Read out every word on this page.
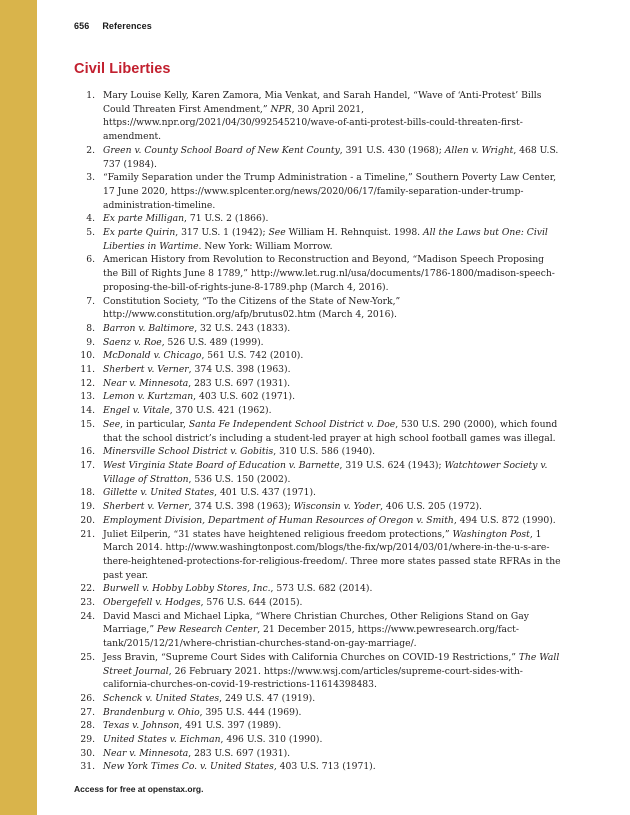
656 References
Civil Liberties
1. Mary Louise Kelly, Karen Zamora, Mia Venkat, and Sarah Handel, “Wave of ‘Anti-Protest’ Bills Could Threaten First Amendment,” NPR, 30 April 2021, https://www.npr.org/2021/04/30/992545210/wave-of-anti-protest-bills-could-threaten-first-amendment.
2. Green v. County School Board of New Kent County, 391 U.S. 430 (1968); Allen v. Wright, 468 U.S. 737 (1984).
3. “Family Separation under the Trump Administration - a Timeline,” Southern Poverty Law Center, 17 June 2020, https://www.splcenter.org/news/2020/06/17/family-separation-under-trump-administration-timeline.
4. Ex parte Milligan, 71 U.S. 2 (1866).
5. Ex parte Quirin, 317 U.S. 1 (1942); See William H. Rehnquist. 1998. All the Laws but One: Civil Liberties in Wartime. New York: William Morrow.
6. American History from Revolution to Reconstruction and Beyond, “Madison Speech Proposing the Bill of Rights June 8 1789,” http://www.let.rug.nl/usa/documents/1786-1800/madison-speech-proposing-the-bill-of-rights-june-8-1789.php (March 4, 2016).
7. Constitution Society, “To the Citizens of the State of New-York,” http://www.constitution.org/afp/brutus02.htm (March 4, 2016).
8. Barron v. Baltimore, 32 U.S. 243 (1833).
9. Saenz v. Roe, 526 U.S. 489 (1999).
10. McDonald v. Chicago, 561 U.S. 742 (2010).
11. Sherbert v. Verner, 374 U.S. 398 (1963).
12. Near v. Minnesota, 283 U.S. 697 (1931).
13. Lemon v. Kurtzman, 403 U.S. 602 (1971).
14. Engel v. Vitale, 370 U.S. 421 (1962).
15. See, in particular, Santa Fe Independent School District v. Doe, 530 U.S. 290 (2000), which found that the school district’s including a student-led prayer at high school football games was illegal.
16. Minersville School District v. Gobitis, 310 U.S. 586 (1940).
17. West Virginia State Board of Education v. Barnette, 319 U.S. 624 (1943); Watchtower Society v. Village of Stratton, 536 U.S. 150 (2002).
18. Gillette v. United States, 401 U.S. 437 (1971).
19. Sherbert v. Verner, 374 U.S. 398 (1963); Wisconsin v. Yoder, 406 U.S. 205 (1972).
20. Employment Division, Department of Human Resources of Oregon v. Smith, 494 U.S. 872 (1990).
21. Juliet Eilperin, “31 states have heightened religious freedom protections,” Washington Post, 1 March 2014. http://www.washingtonpost.com/blogs/the-fix/wp/2014/03/01/where-in-the-u-s-are-there-heightened-protections-for-religious-freedom/. Three more states passed state RFRAs in the past year.
22. Burwell v. Hobby Lobby Stores, Inc., 573 U.S. 682 (2014).
23. Obergefell v. Hodges, 576 U.S. 644 (2015).
24. David Masci and Michael Lipka, “Where Christian Churches, Other Religions Stand on Gay Marriage,” Pew Research Center, 21 December 2015, https://www.pewresearch.org/fact-tank/2015/12/21/where-christian-churches-stand-on-gay-marriage/.
25. Jess Bravin, “Supreme Court Sides with California Churches on COVID-19 Restrictions,” The Wall Street Journal, 26 February 2021. https://www.wsj.com/articles/supreme-court-sides-with-california-churches-on-covid-19-restrictions-11614398483.
26. Schenck v. United States, 249 U.S. 47 (1919).
27. Brandenburg v. Ohio, 395 U.S. 444 (1969).
28. Texas v. Johnson, 491 U.S. 397 (1989).
29. United States v. Eichman, 496 U.S. 310 (1990).
30. Near v. Minnesota, 283 U.S. 697 (1931).
31. New York Times Co. v. United States, 403 U.S. 713 (1971).
Access for free at openstax.org.
